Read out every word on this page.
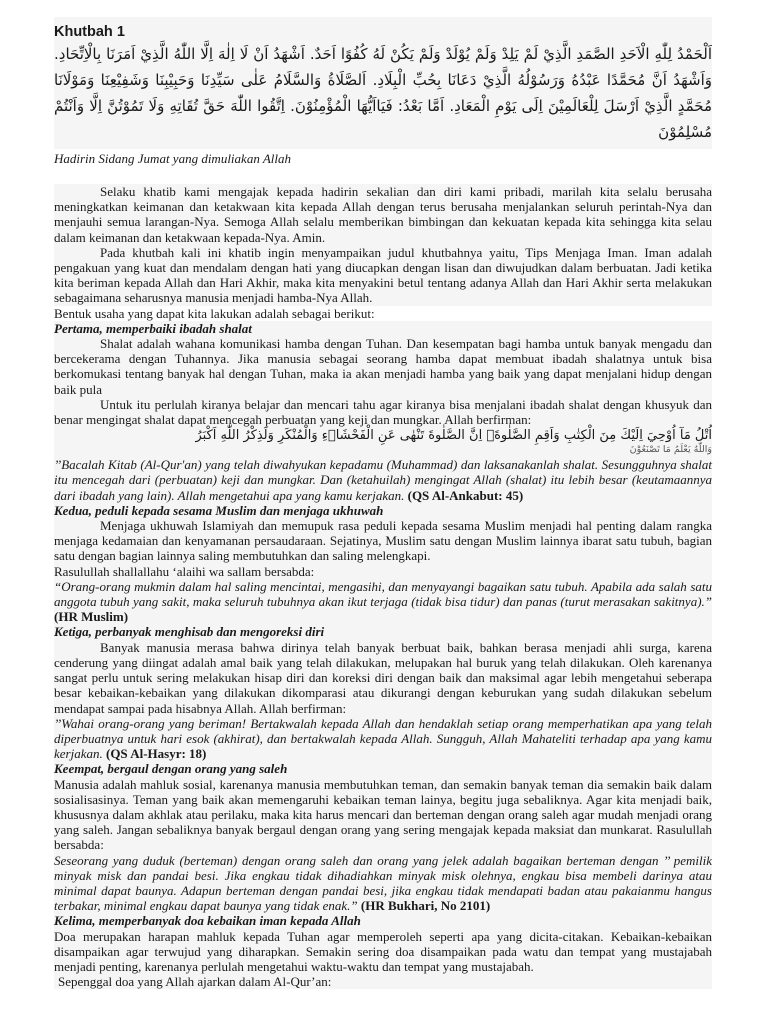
Khutbah 1

اَلْحَمْدُ لِلّٰهِ الْاَحَدِ الصَّمَدِ الَّذِيْ لَمْ يَلِدْ وَلَمْ يُوْلَدْ وَلَمْ يَكُنْ لَهُ كُفُوًا اَحَدٌ. اَشْهَدُ اَنْ لَا اِلٰهَ اِلَّا اللّٰهُ الَّذِيْ اَمَرَنَا بِالْاِتِّحَادِ. وَاَشْهَدُ اَنَّ مُحَمَّدًا عَبْدُهُ وَرَسُوْلُهُ الَّذِيْ دَعَانَا بِحُبِّ الْبِلَادِ. اَلصَّلَاةُ وَالسَّلَامُ عَلٰى سَيِّدِنَا وَحَبِيْبِنَا وَشَفِيْعِنَا وَمَوْلَانَا مُحَمَّدٍ الَّذِيْ اَرْسَلَ لِلْعَالَمِيْنَ اِلَى يَوْمِ الْمَعَادِ. اَمَّا بَعْدُ: فَيَااَيُّهَا الْمُؤْمِنُوْنَ. اِتَّقُوا اللّٰهَ حَقَّ تُقَاتِهِ وَلَا تَمُوْتُنَّ اِلَّا وَاَنْتُمْ مُسْلِمُوْنَ

Hadirin Sidang Jumat yang dimuliakan Allah

Selaku khatib kami mengajak kepada hadirin sekalian dan diri kami pribadi, marilah kita selalu berusaha meningkatkan keimanan dan ketakwaan kita kepada Allah dengan terus berusaha menjalankan seluruh perintah-Nya dan menjauhi semua larangan-Nya. Semoga Allah selalu memberikan bimbingan dan kekuatan kepada kita sehingga kita selau dalam keimanan dan ketakwaan kepada-Nya. Amin.

Pada khutbah kali ini khatib ingin menyampaikan judul khutbahnya yaitu, Tips Menjaga Iman. Iman adalah pengakuan yang kuat dan mendalam dengan hati yang diucapkan dengan lisan dan diwujudkan dalam berbuatan. Jadi ketika kita beriman kepada Allah dan Hari Akhir, maka kita menyakini betul tentang adanya Allah dan Hari Akhir serta melakukan sebagaimana seharusnya manusia menjadi hamba-Nya Allah.

Bentuk usaha yang dapat kita lakukan adalah sebagai berikut:

Pertama, memperbaiki ibadah shalat

Shalat adalah wahana komunikasi hamba dengan Tuhan. Dan kesempatan bagi hamba untuk banyak mengadu dan bercekerama dengan Tuhannya. Jika manusia sebagai seorang hamba dapat membuat ibadah shalatnya untuk bisa berkomukasi tentang banyak hal dengan Tuhan, maka ia akan menjadi hamba yang baik yang dapat menjalani hidup dengan baik pula

Untuk itu perlulah kiranya belajar dan mencari tahu agar kiranya bisa menjalani ibadah shalat dengan khusyuk dan benar mengingat shalat dapat mencegah perbuatan yang keji dan mungkar. Allah berfirman:

اُتْلُ مَآ اُوْحِيَ اِلَيْكَ مِنَ الْكِتٰبِ وَاَقِمِ الصَّلٰوةَۗ اِنَّ الصَّلٰوةَ تَنْهٰى عَنِ الْفَحْشَاۤءِ وَالْمُنْكَرِ وَلَذِكْرُ اللّٰهِ اَكْبَرُ

وَاللّٰهُ يَعْلَمُ مَا تَصْنَعُوْنَ

’’Bacalah Kitab (Al-Qur'an) yang telah diwahyukan kepadamu (Muhammad) dan laksanakanlah shalat. Sesungguhnya shalat itu mencegah dari (perbuatan) keji dan mungkar. Dan (ketahuilah) mengingat Allah (shalat) itu lebih besar (keutamaannya dari ibadah yang lain). Allah mengetahui apa yang kamu kerjakan. (QS Al-Ankabut: 45)

Kedua, peduli kepada sesama Muslim dan menjaga ukhuwah

Menjaga ukhuwah Islamiyah dan memupuk rasa peduli kepada sesama Muslim menjadi hal penting dalam rangka menjaga kedamaian dan kenyamanan persaudaraan. Sejatinya, Muslim satu dengan Muslim lainnya ibarat satu tubuh, bagian satu dengan bagian lainnya saling membutuhkan dan saling melengkapi.

Rasulullah shallallahu ‘alaihi wa sallam bersabda:

“Orang-orang mukmin dalam hal saling mencintai, mengasihi, dan menyayangi bagaikan satu tubuh. Apabila ada salah satu anggota tubuh yang sakit, maka seluruh tubuhnya akan ikut terjaga (tidak bisa tidur) dan panas (turut merasakan sakitnya).” (HR Muslim)

Ketiga, perbanyak menghisab dan mengoreksi diri

Banyak manusia merasa bahwa dirinya telah banyak berbuat baik, bahkan berasa menjadi ahli surga, karena cenderung yang diingat adalah amal baik yang telah dilakukan, melupakan hal buruk yang telah dilakukan. Oleh karenanya sangat perlu untuk sering melakukan hisap diri dan koreksi diri dengan baik dan maksimal agar lebih mengetahui seberapa besar kebaikan-kebaikan yang dilakukan dikomparasi atau dikurangi dengan keburukan yang sudah dilakukan sebelum mendapat sampai pada hisabnya Allah. Allah berfirman:

’’Wahai orang-orang yang beriman! Bertakwalah kepada Allah dan hendaklah setiap orang memperhatikan apa yang telah diperbuatnya untuk hari esok (akhirat), dan bertakwalah kepada Allah. Sungguh, Allah Mahateliti terhadap apa yang kamu kerjakan. (QS Al-Hasyr: 18)

Keempat, bergaul dengan orang yang saleh

Manusia adalah mahluk sosial, karenanya manusia membutuhkan teman, dan semakin banyak teman dia semakin baik dalam sosialisasinya. Teman yang baik akan memengaruhi kebaikan teman lainya, begitu juga sebaliknya. Agar kita menjadi baik, khususnya dalam akhlak atau perilaku, maka kita harus mencari dan berteman dengan orang saleh agar mudah menjadi orang yang saleh. Jangan sebaliknya banyak bergaul dengan orang yang sering mengajak kepada maksiat dan munkarat. Rasulullah bersabda:

Seseorang yang duduk (berteman) dengan orang saleh dan orang yang jelek adalah bagaikan berteman dengan ’’ pemilik minyak misk dan pandai besi. Jika engkau tidak dihadiahkan minyak misk olehnya, engkau bisa membeli darinya atau minimal dapat baunya. Adapun berteman dengan pandai besi, jika engkau tidak mendapati badan atau pakaianmu hangus terbakar, minimal engkau dapat baunya yang tidak enak.” (HR Bukhari, No 2101)

Kelima, memperbanyak doa kebaikan iman kepada Allah

Doa merupakan harapan mahluk kepada Tuhan agar memperoleh seperti apa yang dicita-citakan. Kebaikan-kebaikan disampaikan agar terwujud yang diharapkan. Semakin sering doa disampaikan pada watu dan tempat yang mustajabah menjadi penting, karenanya perlulah mengetahui waktu-waktu dan tempat yang mustajabah.

Sepenggal doa yang Allah ajarkan dalam Al-Qur’an:
